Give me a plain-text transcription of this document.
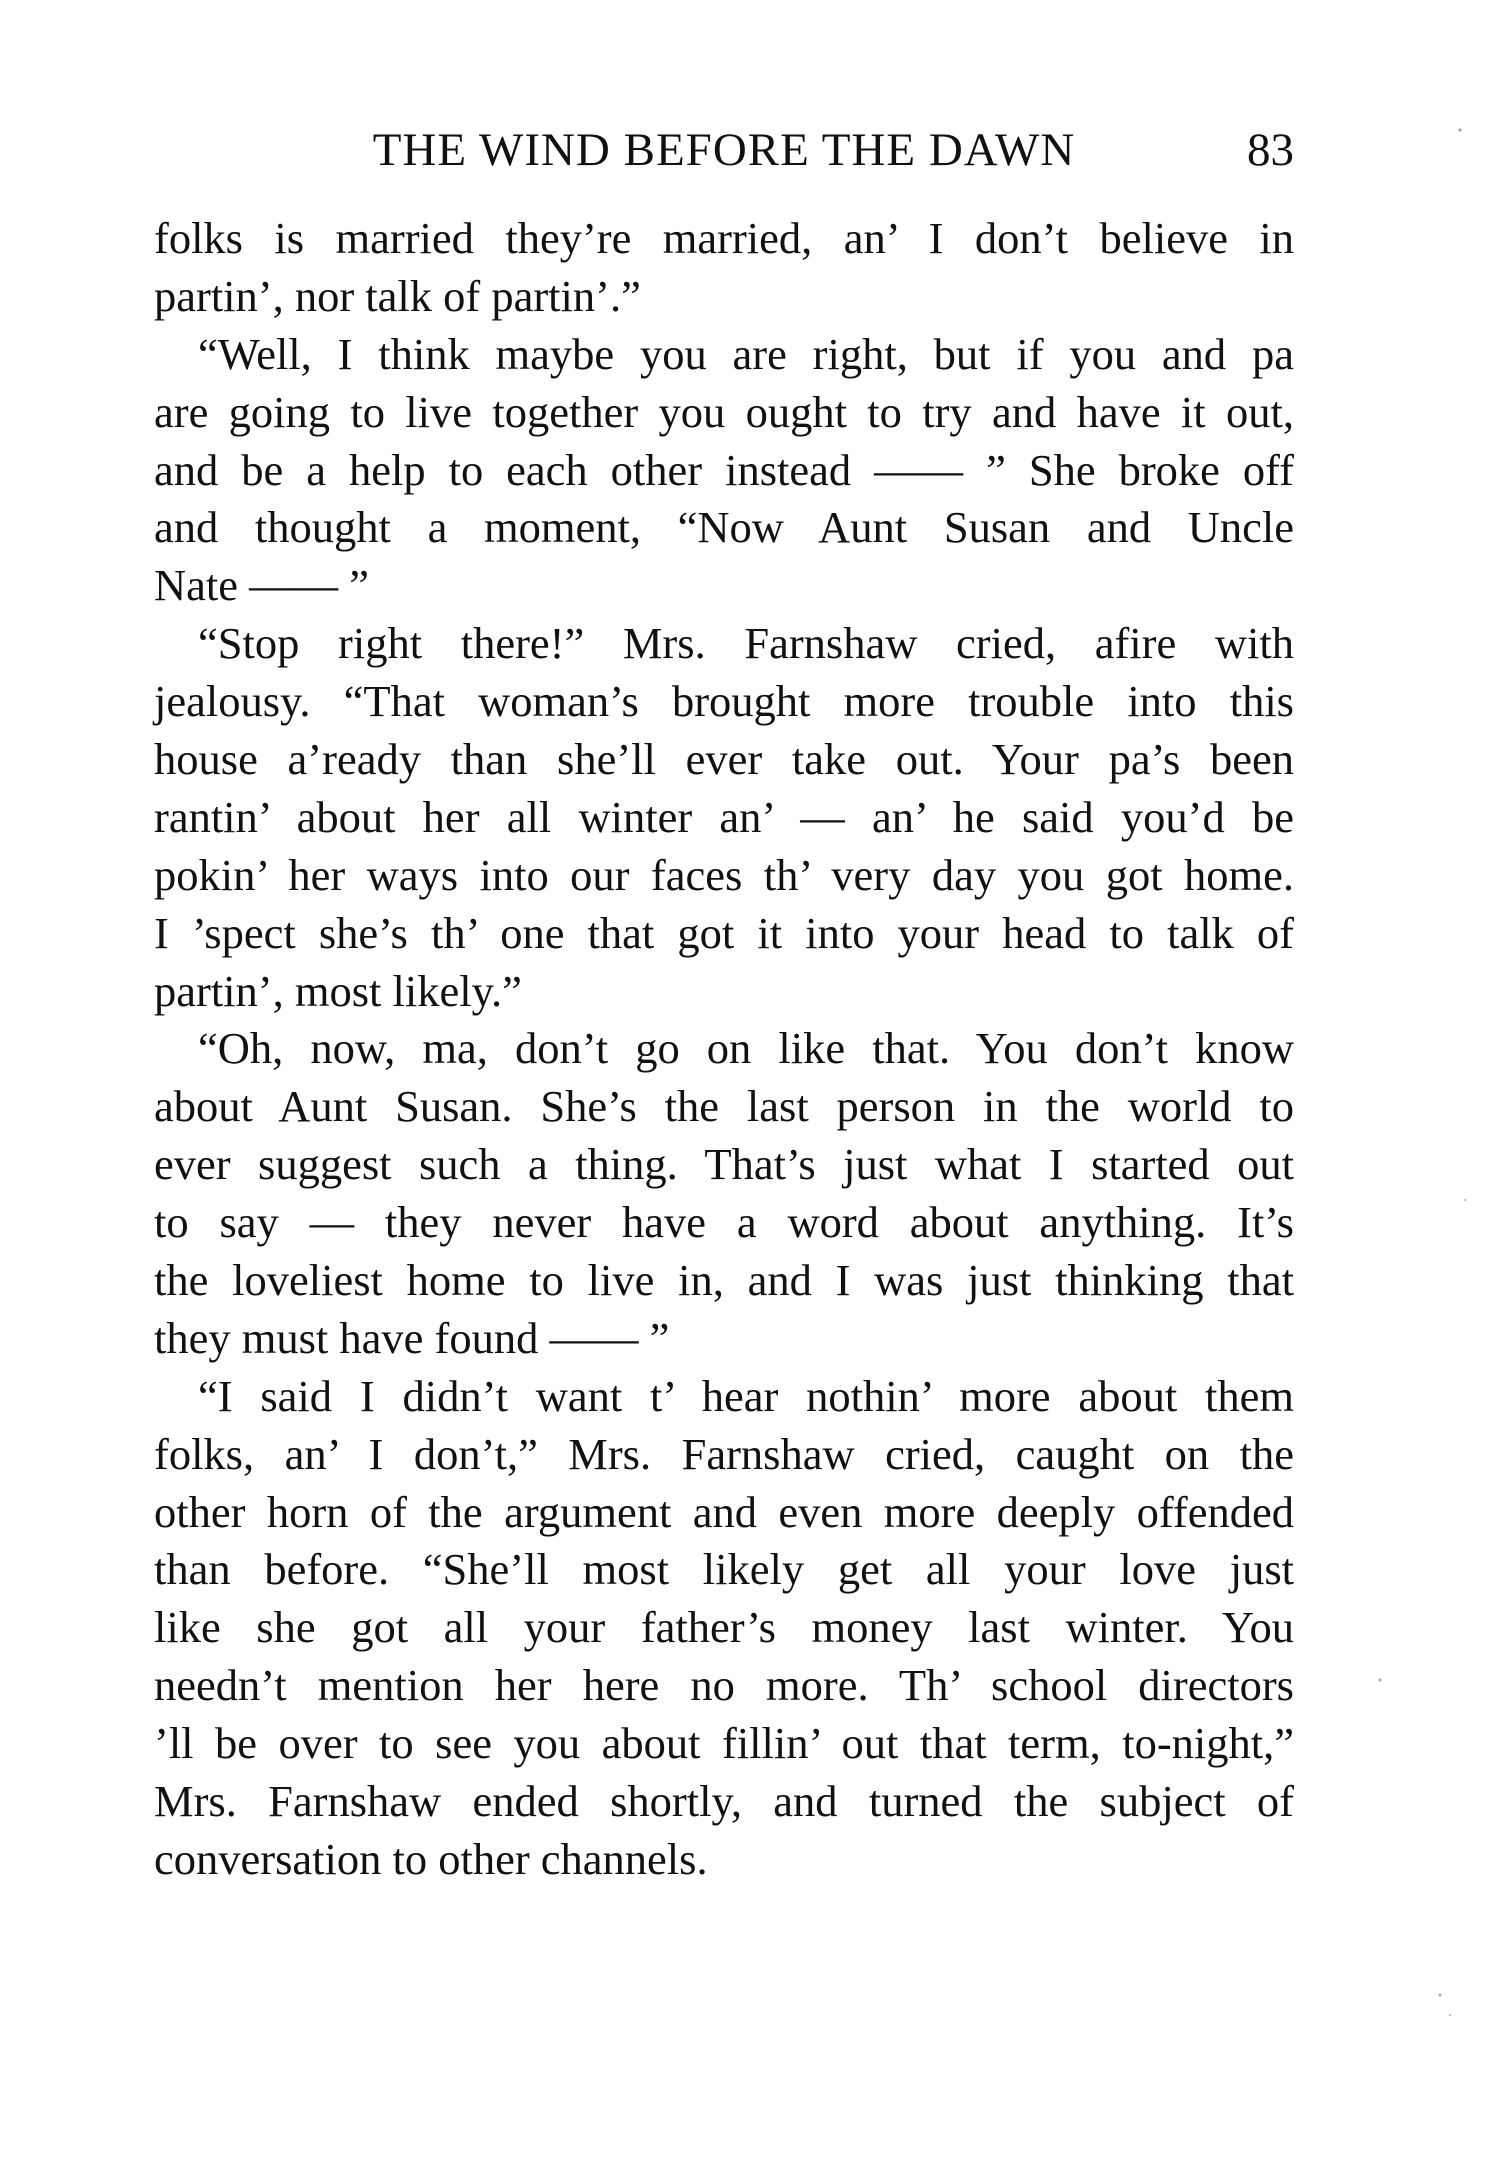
THE WIND BEFORE THE DAWN	83
folks is married they’re married, an’ I don’t believe in
partin’, nor talk of partin’.”
“Well, I think maybe you are right, but if you and pa
are going to live together you ought to try and have it out,
and be a help to each other instead —— ” She broke off
and thought a moment, “Now Aunt Susan and Uncle
Nate —— ”
“Stop right there!” Mrs. Farnshaw cried, afire with
jealousy. “That woman’s brought more trouble into this
house a’ready than she’ll ever take out. Your pa’s been
rantin’ about her all winter an’ — an’ he said you’d be
pokin’ her ways into our faces th’ very day you got home.
I ’spect she’s th’ one that got it into your head to talk of
partin’, most likely.”
“Oh, now, ma, don’t go on like that. You don’t know
about Aunt Susan. She’s the last person in the world to
ever suggest such a thing. That’s just what I started out
to say — they never have a word about anything. It’s
the loveliest home to live in, and I was just thinking that
they must have found —— ”
“I said I didn’t want t’ hear nothin’ more about them
folks, an’ I don’t,” Mrs. Farnshaw cried, caught on the
other horn of the argument and even more deeply offended
than before. “She’ll most likely get all your love just
like she got all your father’s money last winter. You
needn’t mention her here no more. Th’ school directors
’ll be over to see you about fillin’ out that term, to-night,”
Mrs. Farnshaw ended shortly, and turned the subject of
conversation to other channels.
